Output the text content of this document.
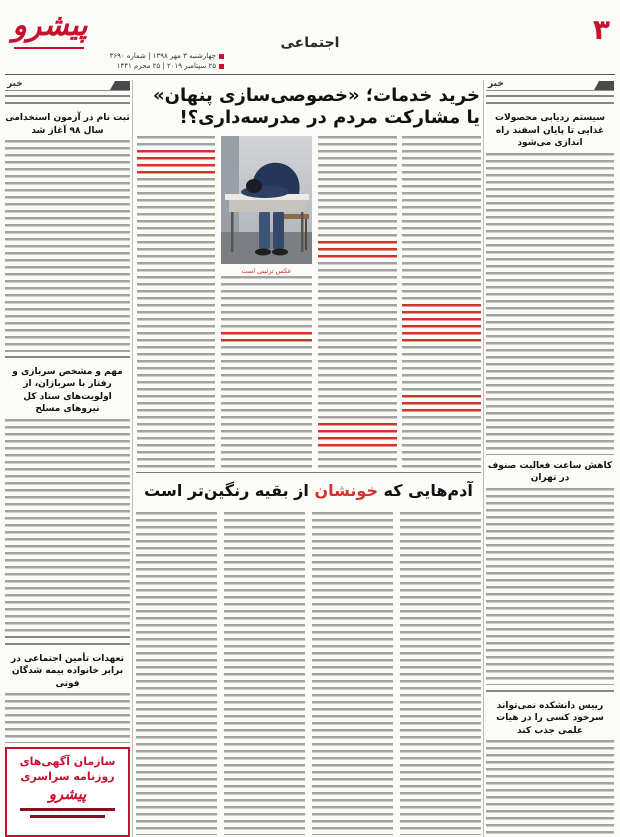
پیشرو
چهارشنبه ۳ مهر ۱۳۹۸ | شماره ۳۶۹۰
۲۵ سپتامبر ۲۰۱۹ | ۲۵ محرم ۱۴۴۱
اجتماعی	۳
خبر
سیستم ردیابی محصولات غذایی تا پایان اسفند راه اندازی می‌شود
کاهش ساعت فعالیت صنوف در تهران
رییس دانشکده نمی‌تواند سرخود کسی را در هیات علمی جذب کند
خبر
ثبت نام در آزمون استخدامی سال ۹۸ آغاز شد
مهم و مشخص سربازی و رفتار با سربازان، از اولویت‌های ستاد کل نیروهای مسلح
تعهدات تأمین اجتماعی در برابر خانواده بیمه شدگان فوتی
سازمان آگهی‌های
روزنامه سراسری
پیشرو
خرید خدمات؛ «خصوصی‌سازی پنهان»
یا مشارکت مردم در مدرسه‌داری؟!
عکس تزئینی است
آدم‌هایی که خونشان از بقیه رنگین‌تر است
